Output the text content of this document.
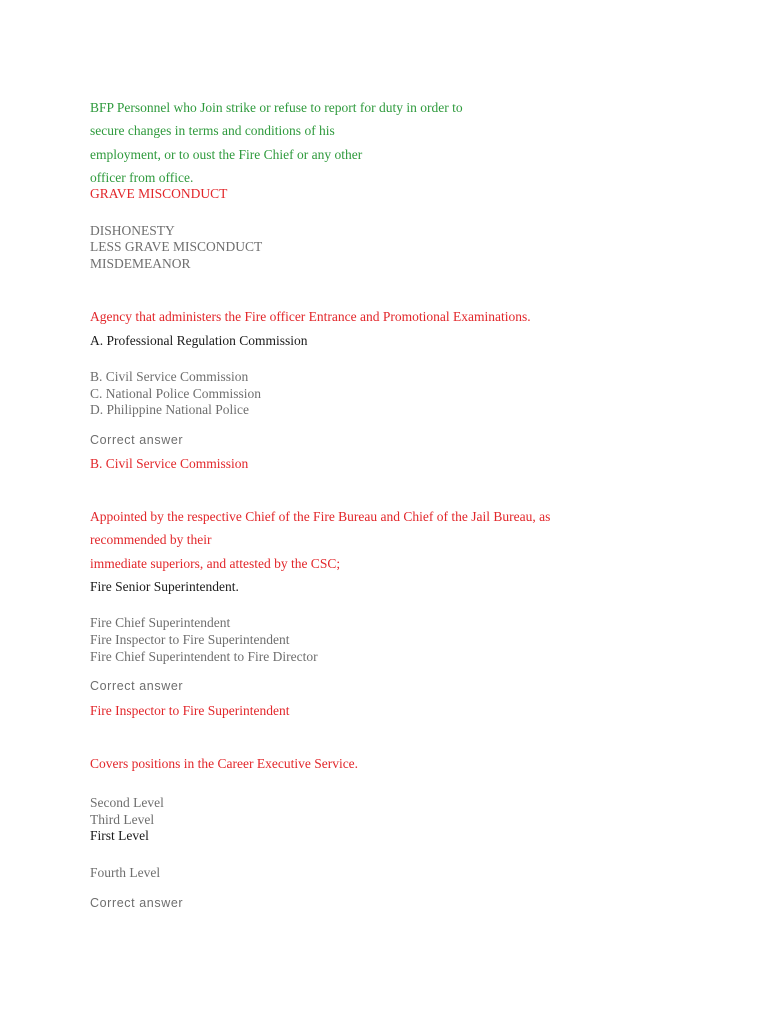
BFP Personnel who Join strike or refuse to report for duty in order to
secure changes in terms and conditions of his
employment, or to oust the Fire Chief or any other
officer from office.
GRAVE MISCONDUCT
DISHONESTY
LESS GRAVE MISCONDUCT
MISDEMEANOR
Agency that administers the Fire officer Entrance and Promotional Examinations.
A. Professional Regulation Commission
B. Civil Service Commission
C. National Police Commission
D. Philippine National Police
Correct answer
B. Civil Service Commission
Appointed by the respective Chief of the Fire Bureau and Chief of the Jail Bureau, as
recommended by their
immediate superiors, and attested by the CSC;
Fire Senior Superintendent.
Fire Chief Superintendent
Fire Inspector to Fire Superintendent
Fire Chief Superintendent to Fire Director
Correct answer
Fire Inspector to Fire Superintendent
Covers positions in the Career Executive Service.
Second Level
Third Level
First Level
Fourth Level
Correct answer
